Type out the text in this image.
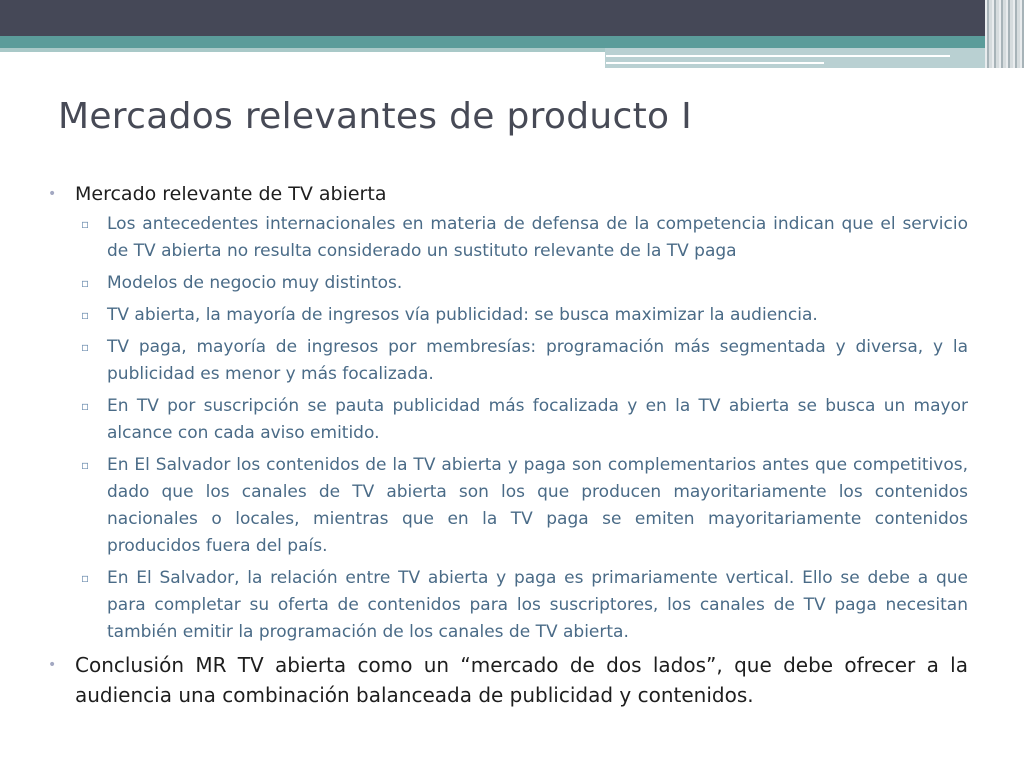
Mercados relevantes de producto I
• Mercado relevante de TV abierta
▫ Los antecedentes internacionales en materia de defensa de la competencia indican que el servicio de TV abierta no resulta considerado un sustituto relevante de la TV paga
▫ Modelos de negocio muy distintos.
▫ TV abierta, la mayoría de ingresos vía publicidad: se busca maximizar la audiencia.
▫ TV paga, mayoría de ingresos por membresías: programación más segmentada y diversa, y la publicidad es menor y más focalizada.
▫ En TV por suscripción se pauta publicidad más focalizada y en la TV abierta se busca un mayor alcance con cada aviso emitido.
▫ En El Salvador los contenidos de la TV abierta y paga son complementarios antes que competitivos, dado que los canales de TV abierta son los que producen mayoritariamente los contenidos nacionales o locales, mientras que en la TV paga se emiten mayoritariamente contenidos producidos fuera del país.
▫ En El Salvador, la relación entre TV abierta y paga es primariamente vertical. Ello se debe a que para completar su oferta de contenidos para los suscriptores, los canales de TV paga necesitan también emitir la programación de los canales de TV abierta.
• Conclusión MR TV abierta como un “mercado de dos lados”, que debe ofrecer a la audiencia una combinación balanceada de publicidad y contenidos.
